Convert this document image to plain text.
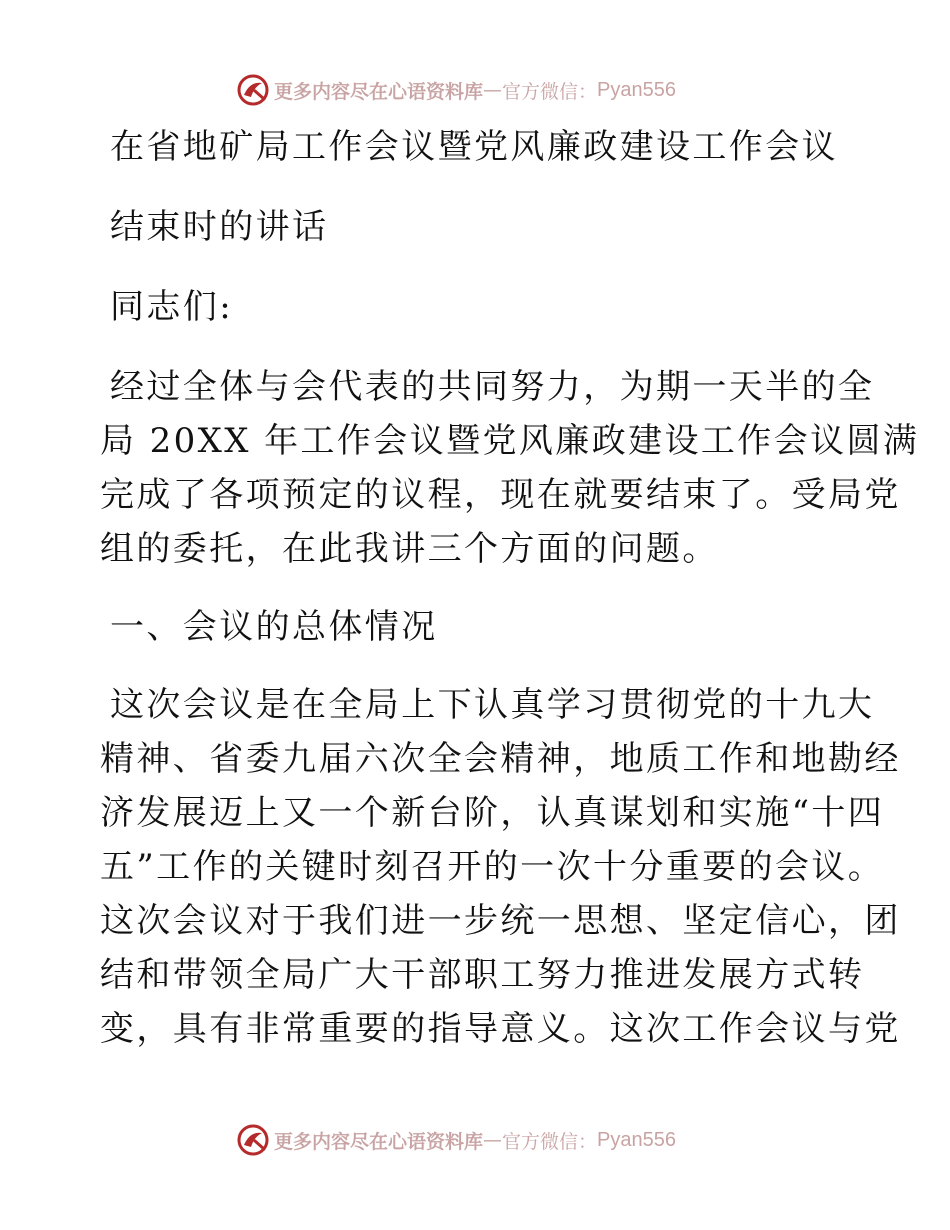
更多内容尽在心语资料库 — 官方微信： Pyan556
在省地矿局工作会议暨党风廉政建设工作会议
结束时的讲话
同志们:
经过全体与会代表的共同努力，为期一天半的全
局 20XX 年工作会议暨党风廉政建设工作会议圆满
完成了各项预定的议程，现在就要结束了。受局党
组的委托，在此我讲三个方面的问题。
一、会议的总体情况
这次会议是在全局上下认真学习贯彻党的十九大
精神、省委九届六次全会精神，地质工作和地勘经
济发展迈上又一个新台阶，认真谋划和实施“十四
五”工作的关键时刻召开的一次十分重要的会议。
这次会议对于我们进一步统一思想、坚定信心，团
结和带领全局广大干部职工努力推进发展方式转
变，具有非常重要的指导意义。这次工作会议与党
更多内容尽在心语资料库 — 官方微信： Pyan556
